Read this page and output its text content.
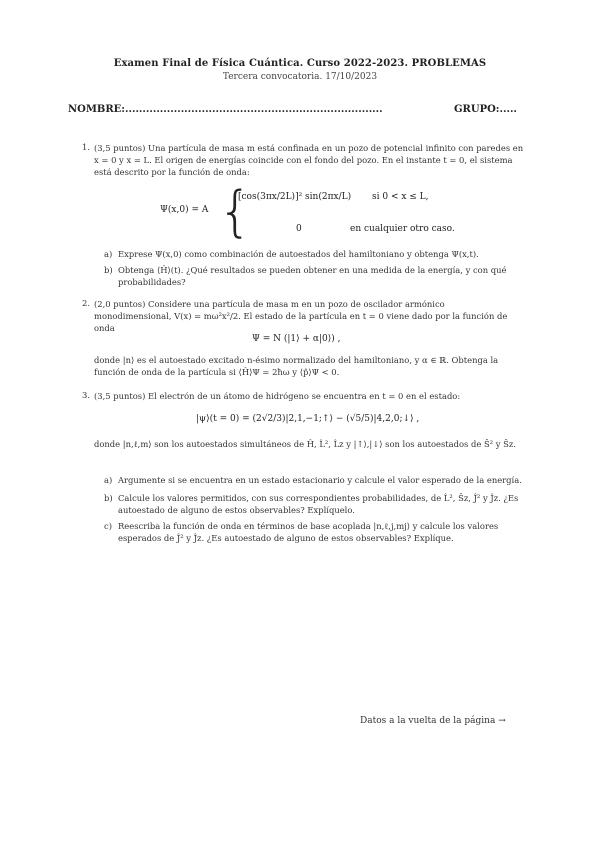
Examen Final de Física Cuántica. Curso 2022-2023. PROBLEMAS
Tercera convocatoria. 17/10/2023
NOMBRE:..........................................................................	GRUPO:.....
1. (3,5 puntos) Una partícula de masa m está confinada en un pozo de potencial infinito con paredes en x = 0 y x = L. El origen de energías coincide con el fondo del pozo. En el instante t = 0, el sistema está descrito por la función de onda:
Ψ(x,0) = A {
[cos(3πx/2L)]² sin(2πx/L) si 0 < x ≤ L,
0	en cualquier otro caso.
a) Exprese Ψ(x,0) como combinación de autoestados del hamiltoniano y obtenga Ψ(x,t).
b) Obtenga ⟨Ĥ⟩(t). ¿Qué resultados se pueden obtener en una medida de la energía, y con qué probabilidades?
2. (2,0 puntos) Considere una partícula de masa m en un pozo de oscilador armónico monodimensional, V(x) = mω²x²/2. El estado de la partícula en t = 0 viene dado por la función de onda
Ψ = N (|1⟩ + α|0⟩) ,
donde |n⟩ es el autoestado excitado n-ésimo normalizado del hamiltoniano, y α ∈ ℝ. Obtenga la función de onda de la partícula si ⟨Ĥ⟩Ψ = 2ħω y ⟨p̂⟩Ψ < 0.
3. (3,5 puntos) El electrón de un átomo de hidrógeno se encuentra en t = 0 en el estado:
|ψ⟩(t = 0) = (2√2/3)|2,1,−1;↑⟩ − (√5/5)|4,2,0;↓⟩ ,
donde |n,ℓ,m⟩ son los autoestados simultáneos de Ĥ, L̂², L̂z y |↑⟩,|↓⟩ son los autoestados de Ŝ² y Ŝz.
a) Argumente si se encuentra en un estado estacionario y calcule el valor esperado de la energía.
b) Calcule los valores permitidos, con sus correspondientes probabilidades, de L̂², Ŝz, Ĵ² y Ĵz. ¿Es autoestado de alguno de estos observables? Explíquelo.
c) Reescriba la función de onda en términos de base acoplada |n,ℓ,j,mj⟩ y calcule los valores esperados de Ĵ² y Ĵz. ¿Es autoestado de alguno de estos observables? Explíque.
Datos a la vuelta de la página →
